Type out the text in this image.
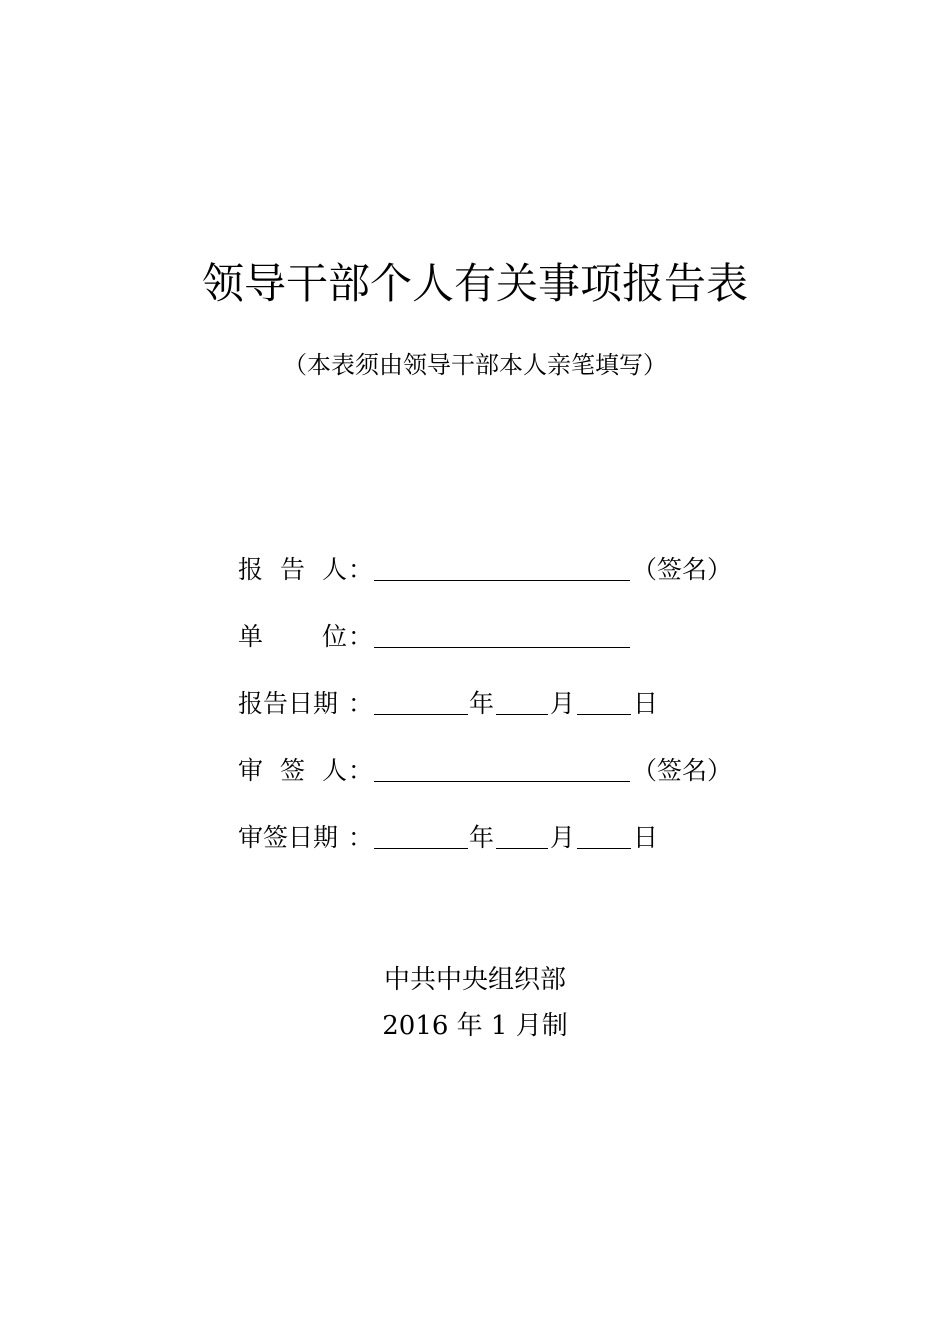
领导干部个人有关事项报告表
（本表须由领导干部本人亲笔填写）
报 告 人 ：	（签名）
单 位 ：
报告日期 ：	年 月 日
审 签 人 ：	（签名）
审签日期 ：	年 月 日
中共中央组织部
2016 年 1 月制
